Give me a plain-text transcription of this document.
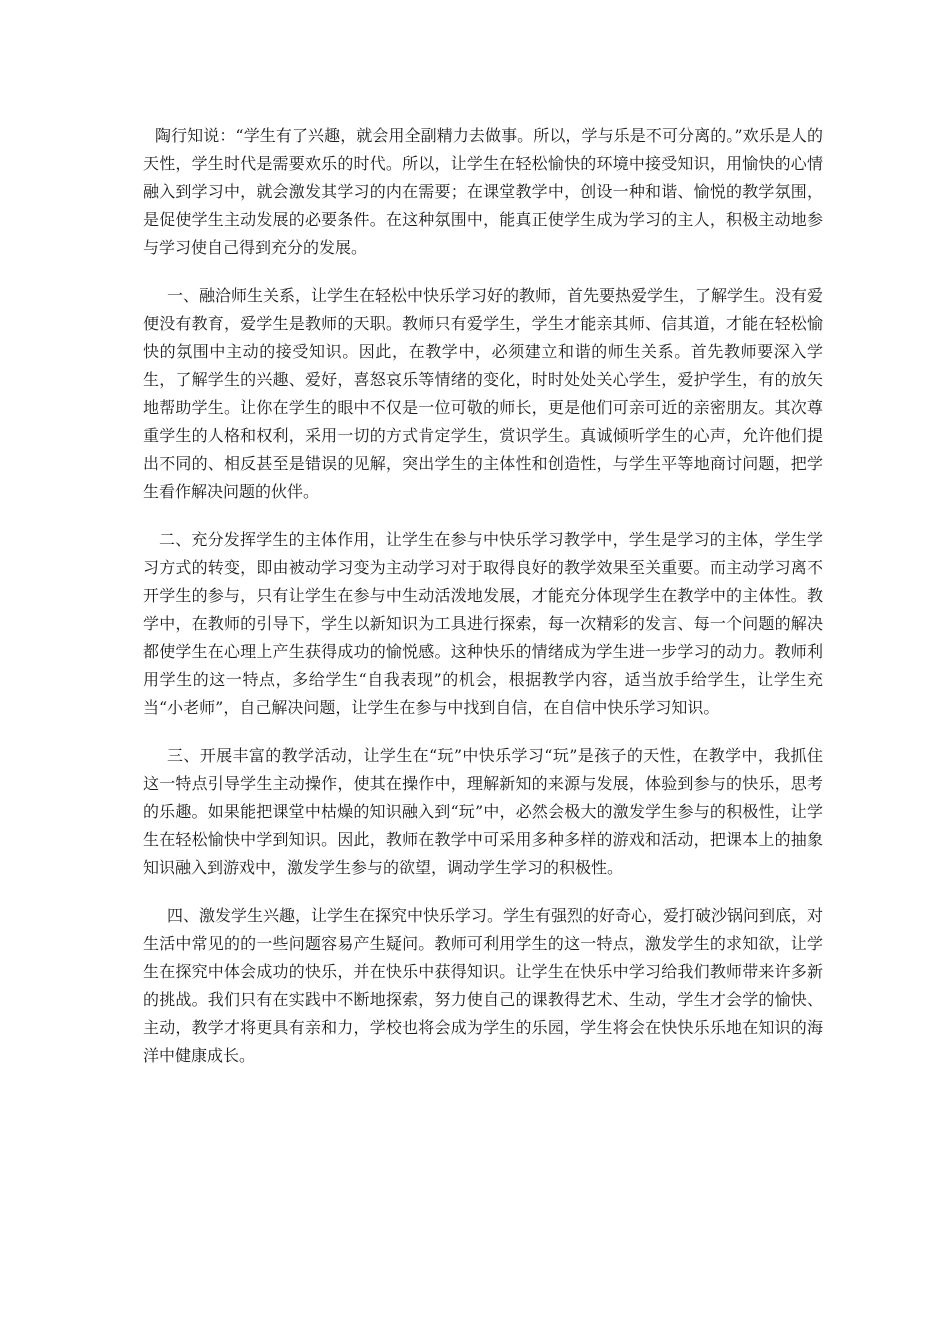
陶行知说：“学生有了兴趣，就会用全副精力去做事。所以，学与乐是不可分离的。”欢乐是人的天性，学生时代是需要欢乐的时代。所以，让学生在轻松愉快的环境中接受知识，用愉快的心情融入到学习中，就会激发其学习的内在需要；在课堂教学中，创设一种和谐、愉悦的教学氛围，是促使学生主动发展的必要条件。在这种氛围中，能真正使学生成为学习的主人，积极主动地参与学习使自己得到充分的发展。

一、融洽师生关系，让学生在轻松中快乐学习好的教师，首先要热爱学生，了解学生。没有爱便没有教育，爱学生是教师的天职。教师只有爱学生，学生才能亲其师、信其道，才能在轻松愉快的氛围中主动的接受知识。因此，在教学中，必须建立和谐的师生关系。首先教师要深入学生，了解学生的兴趣、爱好，喜怒哀乐等情绪的变化，时时处处关心学生，爱护学生，有的放矢地帮助学生。让你在学生的眼中不仅是一位可敬的师长，更是他们可亲可近的亲密朋友。其次尊重学生的人格和权利，采用一切的方式肯定学生，赏识学生。真诚倾听学生的心声，允许他们提出不同的、相反甚至是错误的见解，突出学生的主体性和创造性，与学生平等地商讨问题，把学生看作解决问题的伙伴。

二、充分发挥学生的主体作用，让学生在参与中快乐学习教学中，学生是学习的主体，学生学习方式的转变，即由被动学习变为主动学习对于取得良好的教学效果至关重要。而主动学习离不开学生的参与，只有让学生在参与中生动活泼地发展，才能充分体现学生在教学中的主体性。教学中，在教师的引导下，学生以新知识为工具进行探索，每一次精彩的发言、每一个问题的解决都使学生在心理上产生获得成功的愉悦感。这种快乐的情绪成为学生进一步学习的动力。教师利用学生的这一特点，多给学生“自我表现”的机会，根据教学内容，适当放手给学生，让学生充当“小老师”，自己解决问题，让学生在参与中找到自信，在自信中快乐学习知识。

三、开展丰富的教学活动，让学生在“玩”中快乐学习“玩”是孩子的天性，在教学中，我抓住这一特点引导学生主动操作，使其在操作中，理解新知的来源与发展，体验到参与的快乐，思考的乐趣。如果能把课堂中枯燥的知识融入到“玩”中，必然会极大的激发学生参与的积极性，让学生在轻松愉快中学到知识。因此，教师在教学中可采用多种多样的游戏和活动，把课本上的抽象知识融入到游戏中，激发学生参与的欲望，调动学生学习的积极性。

四、激发学生兴趣，让学生在探究中快乐学习。学生有强烈的好奇心，爱打破沙锅问到底，对生活中常见的的一些问题容易产生疑问。教师可利用学生的这一特点，激发学生的求知欲，让学生在探究中体会成功的快乐，并在快乐中获得知识。让学生在快乐中学习给我们教师带来许多新的挑战。我们只有在实践中不断地探索，努力使自己的课教得艺术、生动，学生才会学的愉快、主动，教学才将更具有亲和力，学校也将会成为学生的乐园，学生将会在快快乐乐地在知识的海洋中健康成长。
